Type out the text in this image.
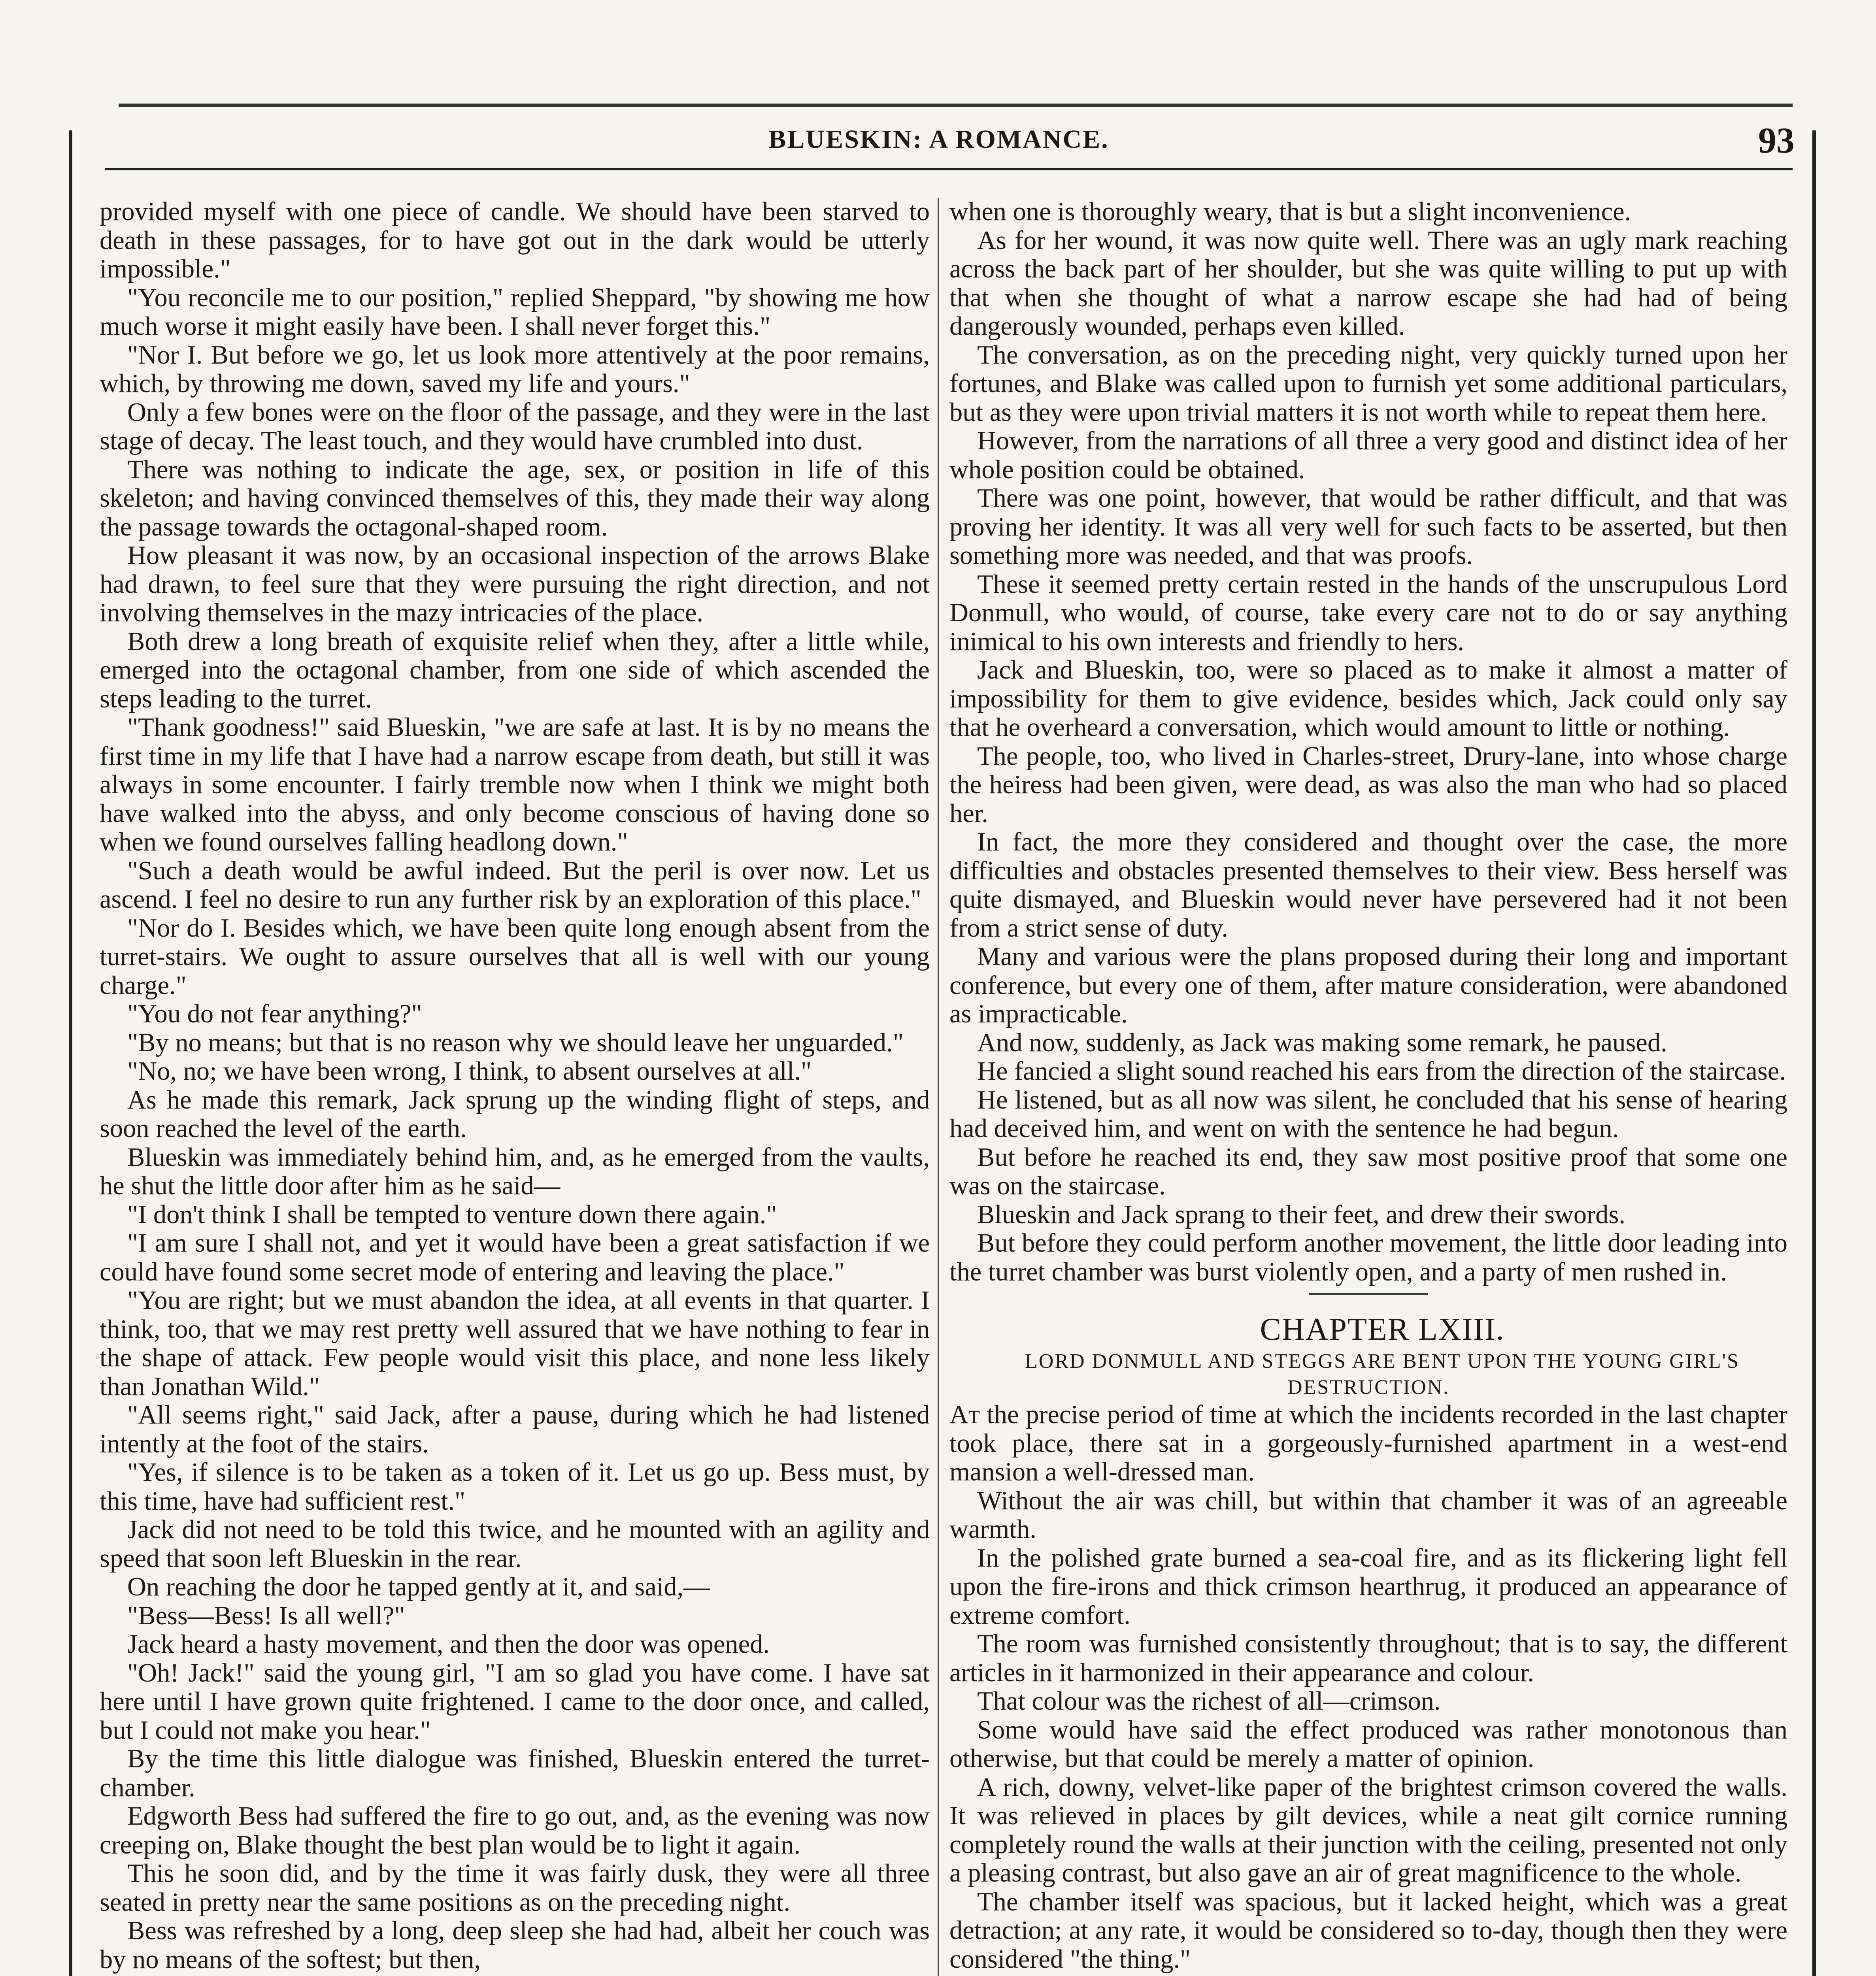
BLUESKIN: A ROMANCE.	93

provided myself with one piece of candle. We should have been starved to death in these passages, for to have got out in the dark would be utterly impossible."

"You reconcile me to our position," replied Sheppard, "by showing me how much worse it might easily have been. I shall never forget this."

"Nor I. But before we go, let us look more attentively at the poor remains, which, by throwing me down, saved my life and yours."

Only a few bones were on the floor of the passage, and they were in the last stage of decay. The least touch, and they would have crumbled into dust.

There was nothing to indicate the age, sex, or position in life of this skeleton; and having convinced themselves of this, they made their way along the passage towards the octagonal-shaped room.

How pleasant it was now, by an occasional inspection of the arrows Blake had drawn, to feel sure that they were pursuing the right direction, and not involving themselves in the mazy intricacies of the place.

Both drew a long breath of exquisite relief when they, after a little while, emerged into the octagonal chamber, from one side of which ascended the steps leading to the turret.

"Thank goodness!" said Blueskin, "we are safe at last. It is by no means the first time in my life that I have had a narrow escape from death, but still it was always in some encounter. I fairly tremble now when I think we might both have walked into the abyss, and only become conscious of having done so when we found ourselves falling headlong down."

"Such a death would be awful indeed. But the peril is over now. Let us ascend. I feel no desire to run any further risk by an exploration of this place."

"Nor do I. Besides which, we have been quite long enough absent from the turret-stairs. We ought to assure ourselves that all is well with our young charge."

"You do not fear anything?"

"By no means; but that is no reason why we should leave her unguarded."

"No, no; we have been wrong, I think, to absent ourselves at all."

As he made this remark, Jack sprung up the winding flight of steps, and soon reached the level of the earth.

Blueskin was immediately behind him, and, as he emerged from the vaults, he shut the little door after him as he said—

"I don't think I shall be tempted to venture down there again."

"I am sure I shall not, and yet it would have been a great satisfaction if we could have found some secret mode of entering and leaving the place."

"You are right; but we must abandon the idea, at all events in that quarter. I think, too, that we may rest pretty well assured that we have nothing to fear in the shape of attack. Few people would visit this place, and none less likely than Jonathan Wild."

"All seems right," said Jack, after a pause, during which he had listened intently at the foot of the stairs.

"Yes, if silence is to be taken as a token of it. Let us go up. Bess must, by this time, have had sufficient rest."

Jack did not need to be told this twice, and he mounted with an agility and speed that soon left Blueskin in the rear.

On reaching the door he tapped gently at it, and said,—

"Bess—Bess! Is all well?"

Jack heard a hasty movement, and then the door was opened.

"Oh! Jack!" said the young girl, "I am so glad you have come. I have sat here until I have grown quite frightened. I came to the door once, and called, but I could not make you hear."

By the time this little dialogue was finished, Blueskin entered the turret-chamber.

Edgworth Bess had suffered the fire to go out, and, as the evening was now creeping on, Blake thought the best plan would be to light it again.

This he soon did, and by the time it was fairly dusk, they were all three seated in pretty near the same positions as on the preceding night.

Bess was refreshed by a long, deep sleep she had had, albeit her couch was by no means of the softest; but then,

when one is thoroughly weary, that is but a slight inconvenience.

As for her wound, it was now quite well. There was an ugly mark reaching across the back part of her shoulder, but she was quite willing to put up with that when she thought of what a narrow escape she had had of being dangerously wounded, perhaps even killed.

The conversation, as on the preceding night, very quickly turned upon her fortunes, and Blake was called upon to furnish yet some additional particulars, but as they were upon trivial matters it is not worth while to repeat them here.

However, from the narrations of all three a very good and distinct idea of her whole position could be obtained.

There was one point, however, that would be rather difficult, and that was proving her identity. It was all very well for such facts to be asserted, but then something more was needed, and that was proofs.

These it seemed pretty certain rested in the hands of the unscrupulous Lord Donmull, who would, of course, take every care not to do or say anything inimical to his own interests and friendly to hers.

Jack and Blueskin, too, were so placed as to make it almost a matter of impossibility for them to give evidence, besides which, Jack could only say that he overheard a conversation, which would amount to little or nothing.

The people, too, who lived in Charles-street, Drury-lane, into whose charge the heiress had been given, were dead, as was also the man who had so placed her.

In fact, the more they considered and thought over the case, the more difficulties and obstacles presented themselves to their view. Bess herself was quite dismayed, and Blueskin would never have persevered had it not been from a strict sense of duty.

Many and various were the plans proposed during their long and important conference, but every one of them, after mature consideration, were abandoned as impracticable.

And now, suddenly, as Jack was making some remark, he paused.

He fancied a slight sound reached his ears from the direction of the staircase.

He listened, but as all now was silent, he concluded that his sense of hearing had deceived him, and went on with the sentence he had begun.

But before he reached its end, they saw most positive proof that some one was on the staircase.

Blueskin and Jack sprang to their feet, and drew their swords.

But before they could perform another movement, the little door leading into the turret chamber was burst violently open, and a party of men rushed in.

CHAPTER LXIII.

LORD DONMULL AND STEGGS ARE BENT UPON THE YOUNG GIRL'S DESTRUCTION.

At the precise period of time at which the incidents recorded in the last chapter took place, there sat in a gorgeously-furnished apartment in a west-end mansion a well-dressed man.

Without the air was chill, but within that chamber it was of an agreeable warmth.

In the polished grate burned a sea-coal fire, and as its flickering light fell upon the fire-irons and thick crimson hearthrug, it produced an appearance of extreme comfort.

The room was furnished consistently throughout; that is to say, the different articles in it harmonized in their appearance and colour.

That colour was the richest of all—crimson.

Some would have said the effect produced was rather monotonous than otherwise, but that could be merely a matter of opinion.

A rich, downy, velvet-like paper of the brightest crimson covered the walls. It was relieved in places by gilt devices, while a neat gilt cornice running completely round the walls at their junction with the ceiling, presented not only a pleasing contrast, but also gave an air of great magnificence to the whole.

The chamber itself was spacious, but it lacked height, which was a great detraction; at any rate, it would be considered so to-day, though then they were considered "the thing."
